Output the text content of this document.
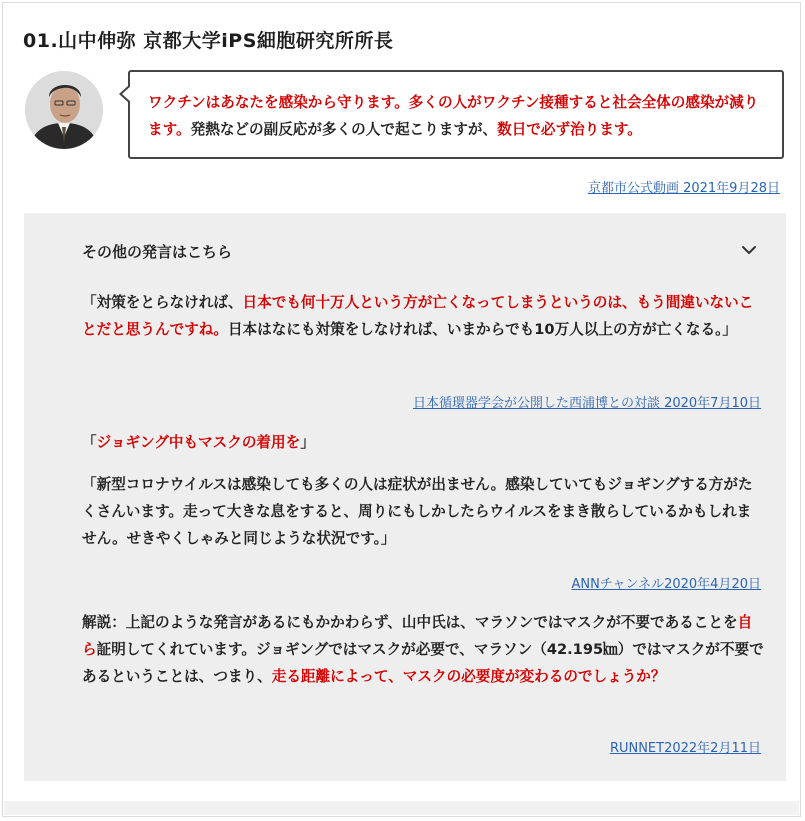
01.山中伸弥 京都大学iPS細胞研究所所長
ワクチンはあなたを感染から守ります。多くの人がワクチン接種すると社会全体の感染が減ります。発熱などの副反応が多くの人で起こりますが、数日で必ず治ります。
京都市公式動画 2021年9月28日
その他の発言はこちら

「対策をとらなければ、日本でも何十万人という方が亡くなってしまうというのは、もう間違いないことだと思うんですね。日本はなにも対策をしなければ、いまからでも10万人以上の方が亡くなる。」

日本循環器学会が公開した西浦博との対談 2020年7月10日

「ジョギング中もマスクの着用を」

「新型コロナウイルスは感染しても多くの人は症状が出ません。感染していてもジョギングする方がたくさんいます。走って大きな息をすると、周りにもしかしたらウイルスをまき散らしているかもしれません。せきやくしゃみと同じような状況です。」

ANNチャンネル2020年4月20日

解説：上記のような発言があるにもかかわらず、山中氏は、マラソンではマスクが不要であることを自ら証明してくれています。ジョギングではマスクが必要で、マラソン（42.195㎞）ではマスクが不要であるということは、つまり、走る距離によって、マスクの必要度が変わるのでしょうか？

RUNNET2022年2月11日
